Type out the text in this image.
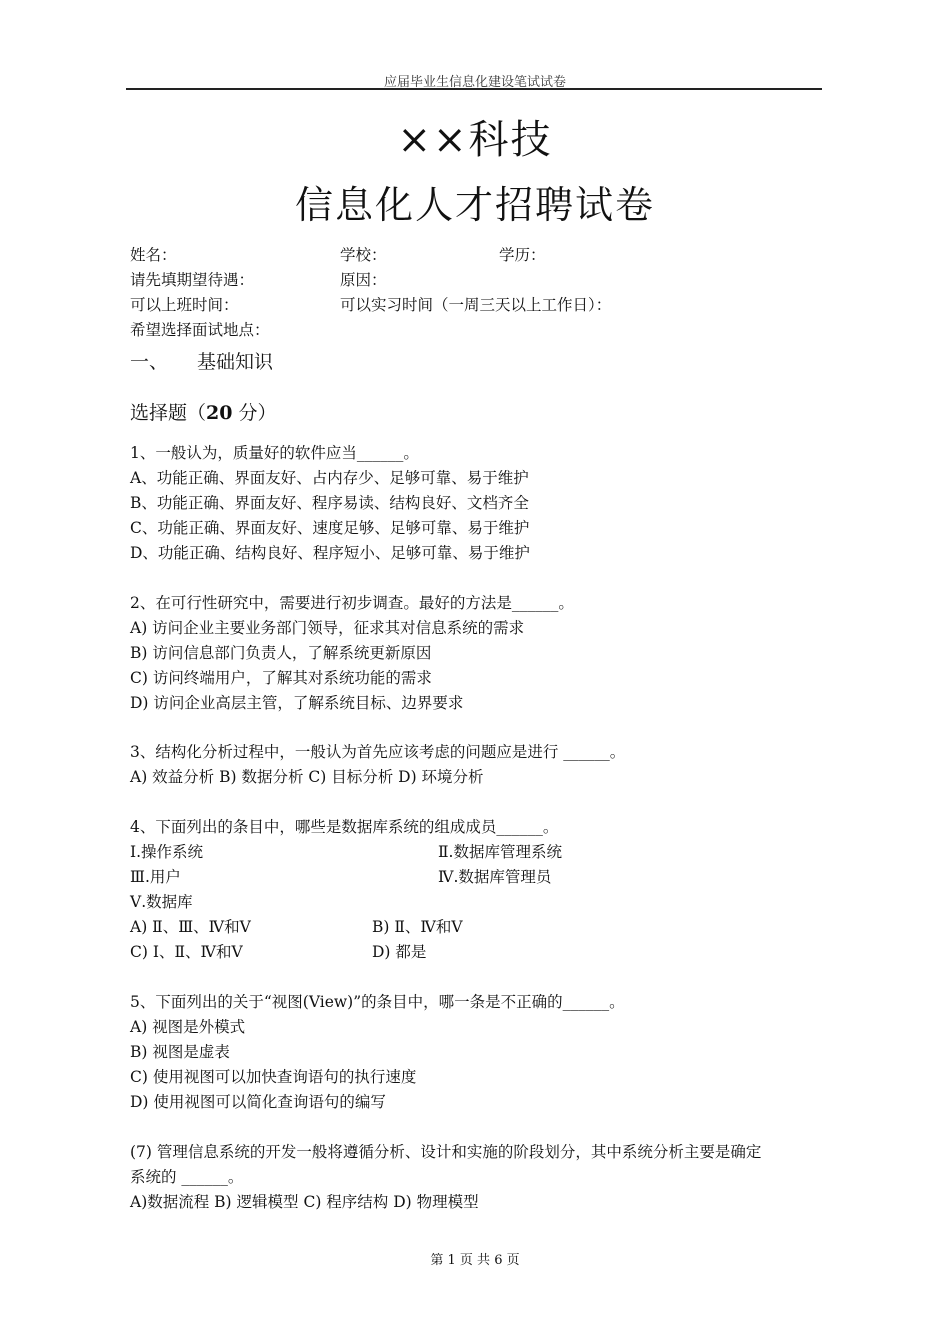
应届毕业生信息化建设笔试试卷
××科技
信息化人才招聘试卷
姓名：	学校：	学历：
请先填期望待遇：	原因：
可以上班时间：	可以实习时间（一周三天以上工作日）：
希望选择面试地点：
一、 基础知识
选择题（20 分）
1、一般认为，质量好的软件应当______。
A、功能正确、界面友好、占内存少、足够可靠、易于维护
B、功能正确、界面友好、程序易读、结构良好、文档齐全
C、功能正确、界面友好、速度足够、足够可靠、易于维护
D、功能正确、结构良好、程序短小、足够可靠、易于维护
2、在可行性研究中，需要进行初步调查。最好的方法是______。
A) 访问企业主要业务部门领导，征求其对信息系统的需求
B) 访问信息部门负责人，了解系统更新原因
C) 访问终端用户，了解其对系统功能的需求
D) 访问企业高层主管，了解系统目标、边界要求
3、结构化分析过程中，一般认为首先应该考虑的问题应是进行 ______。
A) 效益分析 B) 数据分析 C) 目标分析 D) 环境分析
4、下面列出的条目中，哪些是数据库系统的组成成员______。
Ⅰ.操作系统	Ⅱ.数据库管理系统
Ⅲ.用户	Ⅳ.数据库管理员
Ⅴ.数据库
A) Ⅱ、Ⅲ、Ⅳ和Ⅴ	B) Ⅱ、Ⅳ和Ⅴ
C) Ⅰ、Ⅱ、Ⅳ和Ⅴ	D) 都是
5、下面列出的关于“视图(View)”的条目中，哪一条是不正确的______。
A) 视图是外模式
B) 视图是虚表
C) 使用视图可以加快查询语句的执行速度
D) 使用视图可以简化查询语句的编写
(7) 管理信息系统的开发一般将遵循分析、设计和实施的阶段划分，其中系统分析主要是确定
系统的 ______。
A)数据流程 B) 逻辑模型 C) 程序结构 D) 物理模型
第 1 页 共 6 页
